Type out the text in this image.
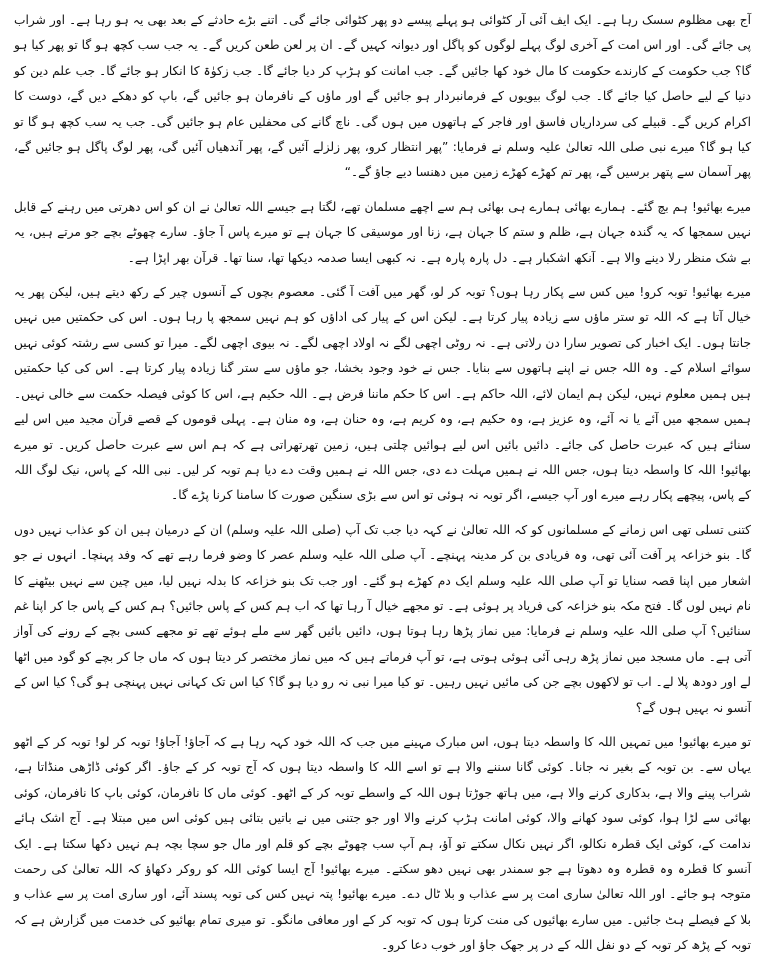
آج بھی مظلوم سسک رہا ہے۔ ایک ایف آئی آر کٹوائی ہو پہلے پیسے دو پھر کٹوائی جائے گی۔ اتنے بڑے حادثے کے بعد بھی یہ ہو رہا ہے۔ اور شراب پی جائے گی۔ اور اس امت کے آخری لوگ پہلے لوگوں کو پاگل اور دیوانہ کہیں گے۔ ان پر لعن طعن کریں گے۔ یہ جب سب کچھ ہو گا تو پھر کیا ہو گا؟ جب حکومت کے کارندے حکومت کا مال خود کھا جائیں گے۔ جب امانت کو ہڑپ کر دیا جائے گا۔ جب زکوٰۃ کا انکار ہو جائے گا۔ جب علم دین کو دنیا کے لیے حاصل کیا جائے گا۔ جب لوگ بیویوں کے فرمانبردار ہو جائیں گے اور ماؤں کے نافرمان ہو جائیں گے، باپ کو دھکے دیں گے، دوست کا اکرام کریں گے۔ قبیلے کی سرداریاں فاسق اور فاجر کے ہاتھوں میں ہوں گی۔ ناچ گانے کی محفلیں عام ہو جائیں گی۔ جب یہ سب کچھ ہو گا تو کیا ہو گا؟ میرے نبی صلی اللہ تعالیٰ علیہ وسلم نے فرمایا: ”پھر انتظار کرو، پھر زلزلے آئیں گے، پھر آندھیاں آئیں گی، پھر لوگ پاگل ہو جائیں گے، پھر آسمان سے پتھر برسیں گے، پھر تم کھڑے کھڑے زمین میں دھنسا دیے جاؤ گے۔“

میرے بھائیو! ہم بچ گئے۔ ہمارے بھائی ہمارے ہی بھائی ہم سے اچھے مسلمان تھے، لگتا ہے جیسے اللہ تعالیٰ نے ان کو اس دھرتی میں رہنے کے قابل نہیں سمجھا کہ یہ گندہ جہان ہے، ظلم و ستم کا جہان ہے، زنا اور موسیقی کا جہان ہے تو میرے پاس آ جاؤ۔ سارے چھوٹے بچے جو مرتے ہیں، یہ بے شک منظر رلا دینے والا ہے۔ آنکھ اشکبار ہے۔ دل پارہ پارہ ہے۔ نہ کبھی ایسا صدمہ دیکھا تھا، سنا تھا۔ قرآن بھر اپڑا ہے۔

میرے بھائیو! توبہ کرو! میں کس سے پکار رہا ہوں؟ توبہ کر لو، گھر میں آفت آ گئی۔ معصوم بچوں کے آنسوں چیر کے رکھ دیتے ہیں، لیکن پھر یہ خیال آتا ہے کہ اللہ تو ستر ماؤں سے زیادہ پیار کرتا ہے۔ لیکن اس کے پیار کی اداؤں کو ہم نہیں سمجھ پا رہا ہوں۔ اس کی حکمتیں میں نہیں جانتا ہوں۔ ایک اخبار کی تصویر سارا دن رلاتی ہے۔ نہ روٹی اچھی لگے نہ اولاد اچھی لگے۔ نہ بیوی اچھی لگے۔ میرا تو کسی سے رشتہ کوئی نہیں سوائے اسلام کے۔ وہ اللہ جس نے اپنے ہاتھوں سے بنایا۔ جس نے خود وجود بخشا، جو ماؤں سے ستر گنا زیادہ پیار کرتا ہے۔ اس کی کیا حکمتیں ہیں ہمیں معلوم نہیں، لیکن ہم ایمان لائے، اللہ حاکم ہے۔ اس کا حکم ماننا فرض ہے۔ اللہ حکیم ہے، اس کا کوئی فیصلہ حکمت سے خالی نہیں۔ ہمیں سمجھ میں آئے یا نہ آئے، وہ عزیز ہے، وہ حکیم ہے، وہ کریم ہے، وہ حنان ہے، وہ منان ہے۔ پہلی قوموں کے قصے قرآن مجید میں اس لیے سنائے ہیں کہ عبرت حاصل کی جائے۔ دائیں بائیں اس لیے ہوائیں چلتی ہیں، زمین تھرتھراتی ہے کہ ہم اس سے عبرت حاصل کریں۔ تو میرے بھائیو! اللہ کا واسطہ دیتا ہوں، جس اللہ نے ہمیں مہلت دے دی، جس اللہ نے ہمیں وقت دے دیا ہم توبہ کر لیں۔ نبی اللہ کے پاس، نیک لوگ اللہ کے پاس، پیچھے پکار رہے میرے اور آپ جیسے، اگر توبہ نہ ہوئی تو اس سے بڑی سنگین صورت کا سامنا کرنا پڑے گا۔

کتنی تسلی تھی اس زمانے کے مسلمانوں کو کہ اللہ تعالیٰ نے کہہ دیا جب تک آپ (صلی اللہ علیہ وسلم) ان کے درمیان ہیں ان کو عذاب نہیں دوں گا۔ بنو خزاعہ پر آفت آئی تھی، وہ فریادی بن کر مدینہ پہنچے۔ آپ صلی اللہ علیہ وسلم عصر کا وضو فرما رہے تھے کہ وفد پہنچا۔ انہوں نے جو اشعار میں اپنا قصہ سنایا تو آپ صلی اللہ علیہ وسلم ایک دم کھڑے ہو گئے۔ اور جب تک بنو خزاعہ کا بدلہ نہیں لیا، میں چین سے نہیں بیٹھنے کا نام نہیں لوں گا۔ فتح مکہ بنو خزاعہ کی فریاد پر ہوئی ہے۔ تو مجھے خیال آ رہا تھا کہ اب ہم کس کے پاس جائیں؟ ہم کس کے پاس جا کر اپنا غم سنائیں؟ آپ صلی اللہ علیہ وسلم نے فرمایا: میں نماز پڑھا رہا ہوتا ہوں، دائیں بائیں گھر سے ملے ہوئے تھے تو مجھے کسی بچے کے رونے کی آواز آتی ہے۔ ماں مسجد میں نماز پڑھ رہی آئی ہوئی ہوتی ہے، تو آپ فرماتے ہیں کہ میں نماز مختصر کر دیتا ہوں کہ ماں جا کر بچے کو گود میں اٹھا لے اور دودھ پلا لے۔ اب تو لاکھوں بچے جن کی مائیں نہیں رہیں۔ تو کیا میرا نبی نہ رو دیا ہو گا؟ کیا اس تک کہانی نہیں پہنچی ہو گی؟ کیا اس کے آنسو نہ بہیں ہوں گے؟

تو میرے بھائیو! میں تمہیں اللہ کا واسطہ دیتا ہوں، اس مبارک مہینے میں جب کہ اللہ خود کہہ رہا ہے کہ آجاؤ! آجاؤ! توبہ کر لو! توبہ کر کے اٹھو یہاں سے۔ بن توبہ کے بغیر نہ جانا۔ کوئی گانا سننے والا ہے تو اسے اللہ کا واسطہ دیتا ہوں کہ آج توبہ کر کے جاؤ۔ اگر کوئی ڈاڑھی منڈاتا ہے، شراب پینے والا ہے، بدکاری کرنے والا ہے، میں ہاتھ جوڑتا ہوں اللہ کے واسطے توبہ کر کے اٹھو۔ کوئی ماں کا نافرمان، کوئی باپ کا نافرمان، کوئی بھائی سے لڑا ہوا، کوئی سود کھانے والا، کوئی امانت ہڑپ کرنے والا اور جو جتنی میں نے باتیں بتائی ہیں کوئی اس میں مبتلا ہے۔ آج اشک ہائے ندامت کے، کوئی ایک قطرہ نکالو، اگر نہیں نکال سکتے تو آؤ، ہم آپ سب چھوٹے بچے کو قلم اور مال جو سچا بچہ ہم نہیں دکھا سکتا ہے۔ ایک آنسو کا قطرہ وہ قطرہ وہ دھوتا ہے جو سمندر بھی نہیں دھو سکتے۔ میرے بھائیو! آج ایسا کوئی اللہ کو روکر دکھاؤ کہ اللہ تعالیٰ کی رحمت متوجہ ہو جائے۔ اور اللہ تعالیٰ ساری امت پر سے عذاب و بلا ٹال دے۔ میرے بھائیو! پتہ نہیں کس کی توبہ پسند آئے، اور ساری امت پر سے عذاب و بلا کے فیصلے ہٹ جائیں۔ میں سارے بھائیوں کی منت کرتا ہوں کہ توبہ کر کے اور معافی مانگو۔ تو میری تمام بھائیو کی خدمت میں گزارش ہے کہ توبہ کے پڑھ کر توبہ کے دو نفل اللہ کے در پر جھک جاؤ اور خوب دعا کرو۔
